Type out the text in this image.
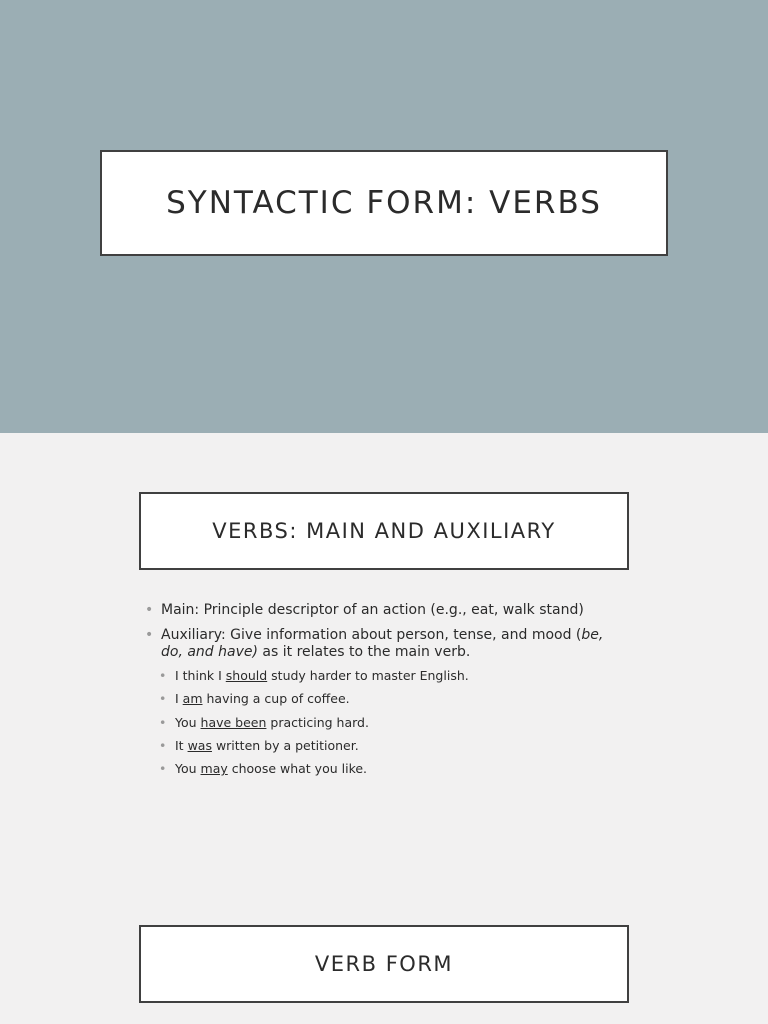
SYNTACTIC FORM: VERBS
VERBS: MAIN AND AUXILIARY
• Main: Principle descriptor of an action (e.g., eat, walk stand)
• Auxiliary: Give information about person, tense, and mood (be, do, and have) as it relates to the main verb.
• I think I should study harder to master English.
• I am having a cup of coffee.
• You have been practicing hard.
• It was written by a petitioner.
• You may choose what you like.
VERB FORM
